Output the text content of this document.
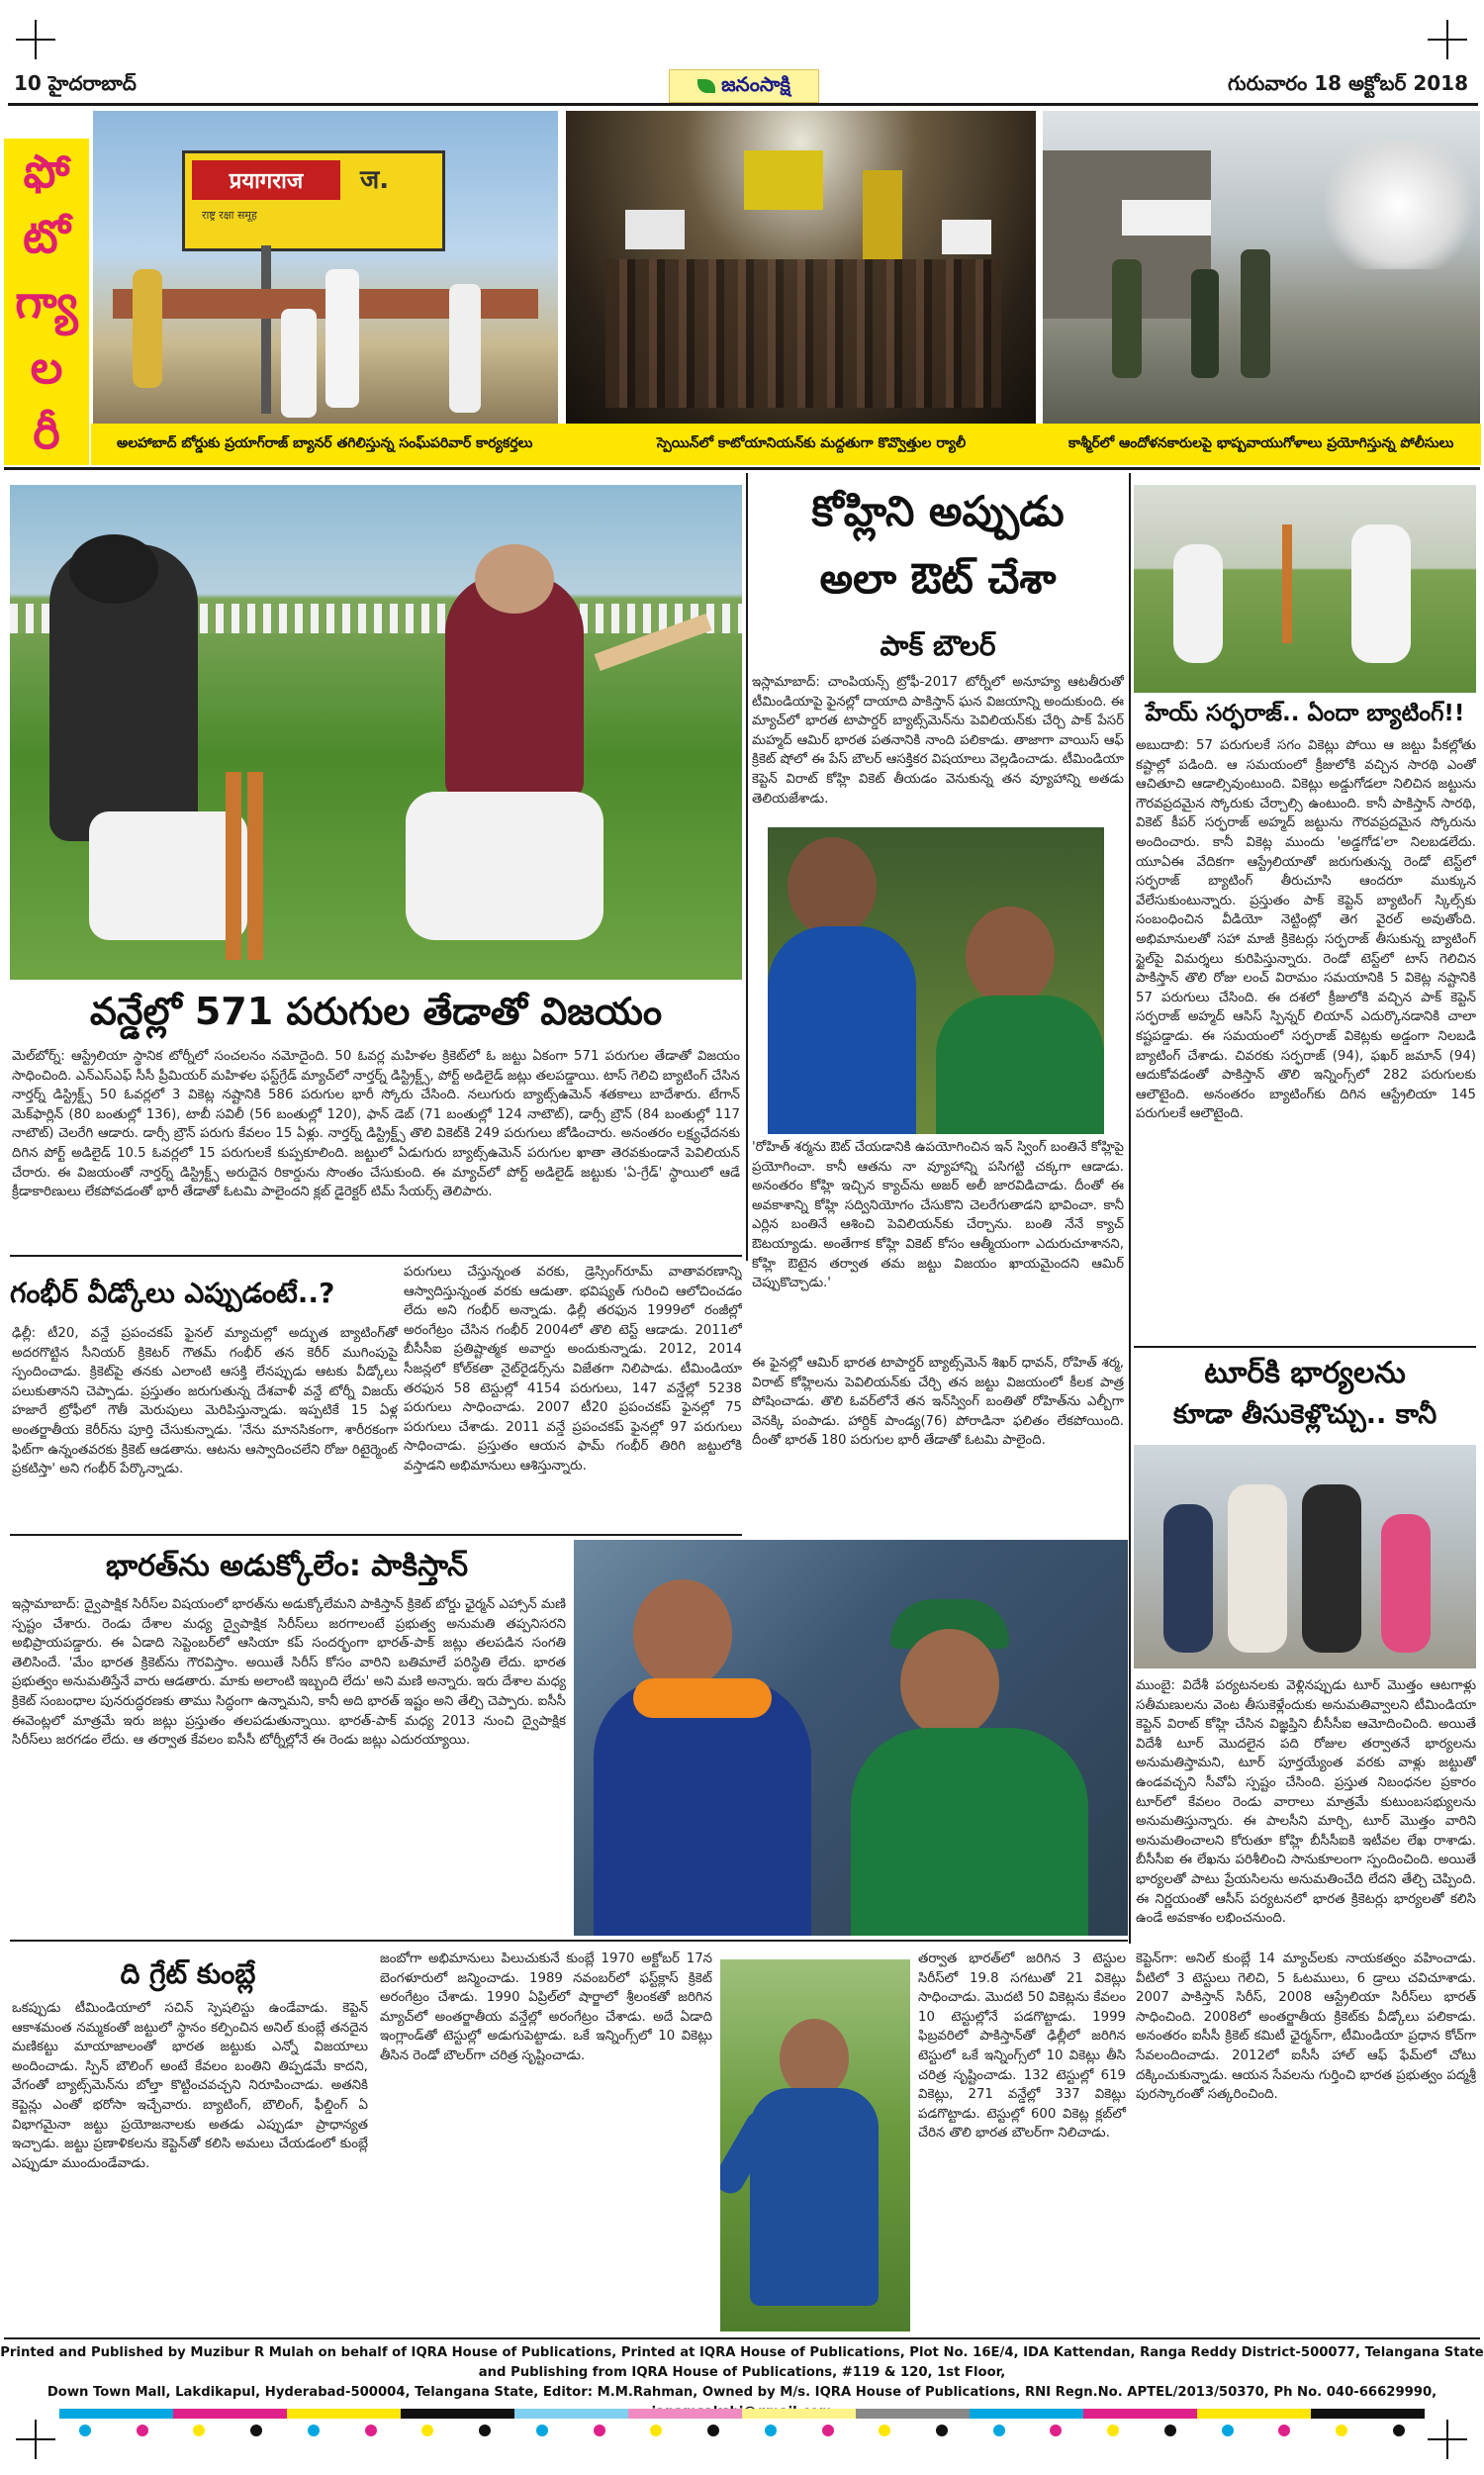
10 హైదరాబాద్	జనంసాక్షి	గురువారం 18 అక్టోబర్ 2018
ఫో
టో
గ్యా
ల
రీ
प्रयागराज	ज.
राष्ट्र रक्षा समूह
అలహాబాద్ బోర్డుకు ప్రయాగ్‌రాజ్ బ్యానర్ తగిలిస్తున్న సంఘ్‌పరివార్ కార్యకర్తలు	స్పెయిన్‌లో కాటోయానియన్‌కు మద్దతుగా కొవ్వొత్తుల ర్యాలీ	కాశ్మీర్‌లో ఆందోళనకారులపై భాష్పవాయుగోళాలు ప్రయోగిస్తున్న పోలీసులు
వన్డేల్లో 571 పరుగుల తేడాతో విజయం
మెల్‌బోర్న్: ఆస్ట్రేలియా స్థానిక టోర్నీలో సంచలనం నమోదైంది. 50 ఓవర్ల మహిళల క్రికెట్‌లో ఓ జట్టు ఏకంగా 571 పరుగుల తేడాతో విజయం సాధించింది. ఎన్‌ఎస్‌ఎఫ్ సీసీ ప్రీమియర్ మహిళల ఫస్ట్‌గ్రేడ్ మ్యాచ్‌లో నార్తర్న్ డిస్ట్రిక్ట్స్, పోర్ట్ అడిలైడ్ జట్లు తలపడ్డాయి. టాస్ గెలిచి బ్యాటింగ్ చేసిన నార్తర్న్ డిస్ట్రిక్ట్స్ 50 ఓవర్లలో 3 వికెట్ల నష్టానికి 586 పరుగుల భారీ స్కోరు చేసింది. నలుగురు బ్యాట్స్‌ఉమెన్ శతకాలు బాదేశారు. టేగాన్ మెక్‌ఫార్లిన్ (80 బంతుల్లో 136), టాబీ సవిలీ (56 బంతుల్లో 120), ఫాన్ డెబ్ (71 బంతుల్లో 124 నాటౌట్), డార్సీ బ్రౌన్ (84 బంతుల్లో 117 నాటౌట్) చెలరేగి ఆడారు. డార్సీ బ్రౌన్ పరుగు కేవలం 15 ఏళ్లు. నార్తర్న్ డిస్ట్రిక్ట్స్ తొలి వికెట్‌కి 249 పరుగులు జోడించారు. అనంతరం లక్ష్యఛేదనకు దిగిన పోర్ట్ అడిలైడ్ 10.5 ఓవర్లలో 15 పరుగులకే కుప్పకూలింది. జట్టులో ఏడుగురు బ్యాట్స్‌ఉమెన్ పరుగుల ఖాతా తెరవకుండానే పెవిలియన్ చేరారు. ఈ విజయంతో నార్తర్న్ డిస్ట్రిక్ట్స్ అరుదైన రికార్డును సొంతం చేసుకుంది. ఈ మ్యాచ్‌లో పోర్ట్ అడిలైడ్ జట్టుకు 'ఏ-గ్రేడ్' స్థాయిలో ఆడే క్రీడాకారిణులు లేకపోవడంతో భారీ తేడాతో ఓటమి పాలైందని క్లబ్ డైరెక్టర్ టిమ్ సేయర్స్ తెలిపారు.
గంభీర్ వీడ్కోలు ఎప్పుడంటే..?
ఢిల్లీ: టీ20, వన్డే ప్రపంచకప్ ఫైనల్ మ్యాచుల్లో అద్భుత బ్యాటింగ్‌తో అదరగొట్టిన సీనియర్ క్రికెటర్ గౌతమ్ గంభీర్ తన కెరీర్ ముగింపుపై స్పందించాడు. క్రికెట్‌పై తనకు ఎలాంటి ఆసక్తి లేనప్పుడు ఆటకు వీడ్కోలు పలుకుతానని చెప్పాడు. ప్రస్తుతం జరుగుతున్న దేశవాళీ వన్డే టోర్నీ విజయ్ హజారే ట్రోఫీలో గౌతీ మెరుపులు మెరిపిస్తున్నాడు. ఇప్పటికే 15 ఏళ్ల అంతర్జాతీయ కెరీర్‌ను పూర్తి చేసుకున్నాడు. 'నేను మానసికంగా, శారీరకంగా ఫిట్‌గా ఉన్నంతవరకు క్రికెట్ ఆడతాను. ఆటను ఆస్వాదించలేని రోజు రిటైర్మెంట్ ప్రకటిస్తా' అని గంభీర్ పేర్కొన్నాడు.
పరుగులు చేస్తున్నంత వరకు, డ్రెస్సింగ్‌రూమ్ వాతావరణాన్ని ఆస్వాదిస్తున్నంత వరకు ఆడుతా. భవిష్యత్ గురించి ఆలోచించడం లేదు అని గంభీర్ అన్నాడు. ఢిల్లీ తరఫున 1999లో రంజీల్లో అరంగేట్రం చేసిన గంభీర్ 2004లో తొలి టెస్ట్ ఆడాడు. 2011లో బీసీసీఐ ప్రతిష్టాత్మక అవార్డు అందుకున్నాడు. 2012, 2014 సీజన్లలో కోల్‌కతా నైట్‌రైడర్స్‌ను విజేతగా నిలిపాడు. టీమిండియా తరఫున 58 టెస్టుల్లో 4154 పరుగులు, 147 వన్డేల్లో 5238 పరుగులు సాధించాడు. 2007 టీ20 ప్రపంచకప్ ఫైనల్లో 75 పరుగులు చేశాడు. 2011 వన్డే ప్రపంచకప్ ఫైనల్లో 97 పరుగులు సాధించాడు. ప్రస్తుతం ఆయన ఫామ్ గంభీర్ తిరిగి జట్టులోకి వస్తాడని అభిమానులు ఆశిస్తున్నారు.
భారత్‌ను అడుక్కోలేం: పాకిస్తాన్
ఇస్లామాబాద్: ద్వైపాక్షిక సిరీస్‌ల విషయంలో భారత్‌ను అడుక్కోలేమని పాకిస్తాన్ క్రికెట్ బోర్డు ఛైర్మన్ ఎహ్సాన్ మణి స్పష్టం చేశారు. రెండు దేశాల మధ్య ద్వైపాక్షిక సిరీస్‌లు జరగాలంటే ప్రభుత్వ అనుమతి తప్పనిసరని అభిప్రాయపడ్డారు. ఈ ఏడాది సెప్టెంబర్‌లో ఆసియా కప్ సందర్భంగా భారత్‌-పాక్ జట్లు తలపడిన సంగతి తెలిసిందే. 'మేం భారత క్రికెట్‌ను గౌరవిస్తాం. అయితే సిరీస్ కోసం వారిని బతిమాలే పరిస్థితి లేదు. భారత ప్రభుత్వం అనుమతిస్తేనే వారు ఆడతారు. మాకు అలాంటి ఇబ్బంది లేదు' అని మణి అన్నారు. ఇరు దేశాల మధ్య క్రికెట్ సంబంధాల పునరుద్ధరణకు తాము సిద్ధంగా ఉన్నామని, కానీ అది భారత్ ఇష్టం అని తేల్చి చెప్పారు. ఐసీసీ ఈవెంట్లలో మాత్రమే ఇరు జట్లు ప్రస్తుతం తలపడుతున్నాయి. భారత్-పాక్ మధ్య 2013 నుంచి ద్వైపాక్షిక సిరీస్‌లు జరగడం లేదు. ఆ తర్వాత కేవలం ఐసీసీ టోర్నీల్లోనే ఈ రెండు జట్లు ఎదురయ్యాయి.
కోహ్లిని అప్పుడు
అలా ఔట్ చేశా
పాక్ బౌలర్
ఇస్లామాబాద్: చాంపియన్స్ ట్రోఫీ-2017 టోర్నీలో అనూహ్య ఆటతీరుతో టీమిండియాపై ఫైనల్లో దాయాది పాకిస్తాన్ ఘన విజయాన్ని అందుకుంది. ఈ మ్యాచ్‌లో భారత టాపార్డర్ బ్యాట్స్‌మెన్‌ను పెవిలియన్‌కు చేర్చి పాక్ పేసర్ మహ్మద్ ఆమిర్ భారత పతనానికి నాంది పలికాడు. తాజాగా వాయిస్ ఆఫ్ క్రికెట్ షోలో ఈ పేస్ బౌలర్ ఆసక్తికర విషయాలు వెల్లడించాడు. టీమిండియా కెప్టెన్ విరాట్ కోహ్లి వికెట్ తీయడం వెనుకున్న తన వ్యూహాన్ని అతడు తెలియజేశాడు.
'రోహిత్ శర్మను ఔట్ చేయడానికి ఉపయోగించిన ఇన్ స్వింగ్ బంతినే కోహ్లిపై ప్రయోగించా. కానీ ఆతను నా వ్యూహాన్ని పసిగట్టి చక్కగా ఆడాడు. అనంతరం కోహ్లి ఇచ్చిన క్యాచ్‌ను అజర్ అలీ జారవిడిచాడు. దీంతో ఈ అవకాశాన్ని కోహ్లి సద్వినియోగం చేసుకొని చెలరేగుతాడని భావించా. కానీ ఎర్లిన బంతినే ఆశించి పెవిలియన్‌కు చేర్చాను. బంతి నేనే క్యాచ్ ఔటయ్యాడు. అంతేగాక కోహ్లి వికెట్ కోసం ఆత్మీయంగా ఎదురుచూశానని, కోహ్లి ఔటైన తర్వాత తమ జట్టు విజయం ఖాయమైందని ఆమిర్ చెప్పుకొచ్చాడు.'
ఈ ఫైనల్లో ఆమిర్ భారత టాపార్డర్ బ్యాట్స్‌మెన్ శిఖర్ ధావన్, రోహిత్ శర్మ, విరాట్ కోహ్లిలను పెవిలియన్‌కు చేర్చి తన జట్టు విజయంలో కీలక పాత్ర పోషించాడు. తొలి ఓవర్‌లోనే తన ఇన్‌స్వింగ్ బంతితో రోహిత్‌ను ఎల్బీగా వెనక్కి పంపాడు. హార్దిక్ పాండ్య(76) పోరాడినా ఫలితం లేకపోయింది. దీంతో భారత్ 180 పరుగుల భారీ తేడాతో ఓటమి పాలైంది.
హేయ్ సర్ఫరాజ్.. ఏందా బ్యాటింగ్!!
అబుదాబి: 57 పరుగులకే సగం వికెట్లు పోయి ఆ జట్టు పీకల్లోతు కష్టాల్లో పడింది. ఆ సమయంలో క్రీజులోకి వచ్చిన సారథి ఎంతో ఆచితూచి ఆడాల్సివుంటుంది. వికెట్లు అడ్డుగోడలా నిలిచిన జట్టును గౌరవప్రదమైన స్కోరుకు చేర్చాల్సి ఉంటుంది. కానీ పాకిస్తాన్ సారథి, వికెట్ కీపర్ సర్ఫరాజ్ అహ్మద్ జట్టును గౌరవప్రదమైన స్కోరును అందించారు. కానీ వికెట్ల ముందు 'అడ్డగోడ'లా నిలబడలేదు. యూఏఈ వేదికగా ఆస్ట్రేలియాతో జరుగుతున్న రెండో టెస్ట్‌లో సర్ఫరాజ్ బ్యాటింగ్ తీరుచూసి ఆందరూ ముక్కున వేలేసుకుంటున్నారు. ప్రస్తుతం పాక్ కెప్టెన్ బ్యాటింగ్ స్కిల్స్‌కు సంబంధించిన వీడియో నెట్టింట్లో తెగ వైరల్ అవుతోంది. అభిమానులతో సహా మాజీ క్రికెటర్లు సర్ఫరాజ్ తీసుకున్న బ్యాటింగ్ స్టైల్‌పై విమర్శలు కురిపిస్తున్నారు. రెండో టెస్ట్‌లో టాస్ గెలిచిన పాకిస్తాన్ తొలి రోజు లంచ్ విరామం సమయానికి 5 వికెట్ల నష్టానికి 57 పరుగులు చేసింది. ఈ దశలో క్రీజులోకి వచ్చిన పాక్ కెప్టెన్ సర్ఫరాజ్ అహ్మద్ ఆసిస్ స్పిన్నర్ లియాన్ ఎదుర్కొనడానికి చాలా కష్టపడ్డాడు. ఈ సమయంలో సర్ఫరాజ్ వికెట్లకు అడ్డంగా నిలబడి బ్యాటింగ్ చేశాడు. చివరకు సర్ఫరాజ్ (94), ఫఖర్ జమాన్ (94) ఆదుకోవడంతో పాకిస్తాన్ తొలి ఇన్నింగ్స్‌లో 282 పరుగులకు ఆలౌటైంది. అనంతరం బ్యాటింగ్‌కు దిగిన ఆస్ట్రేలియా 145 పరుగులకే ఆలౌటైంది.
టూర్‌కి భార్యలను
కూడా తీసుకెళ్లొచ్చు.. కానీ
ముంబై: విదేశీ పర్యటనలకు వెళ్లినప్పుడు టూర్ మొత్తం ఆటగాళ్లు సతీమణులను వెంట తీసుకెళ్లేందుకు అనుమతివ్వాలని టీమిండియా కెప్టెన్ విరాట్ కోహ్లి చేసిన విజ్ఞప్తిని బీసీసీఐ ఆమోదించింది. అయితే విదేశీ టూర్ మొదలైన పది రోజుల తర్వాతనే భార్యలను అనుమతిస్తామని, టూర్ పూర్తయ్యేంత వరకు వాళ్లు జట్టుతో ఉండవచ్చని సీవోఏ స్పష్టం చేసింది. ప్రస్తుత నిబంధనల ప్రకారం టూర్‌లో కేవలం రెండు వారాలు మాత్రమే కుటుంబసభ్యులను అనుమతిస్తున్నారు. ఈ పాలసీని మార్చి, టూర్ మొత్తం వారిని అనుమతించాలని కోరుతూ కోహ్లి బీసీసీఐకి ఇటీవల లేఖ రాశాడు. బీసీసీఐ ఈ లేఖను పరిశీలించి సానుకూలంగా స్పందించింది. అయితే భార్యలతో పాటు ప్రేయసిలను అనుమతించేది లేదని తేల్చి చెప్పింది. ఈ నిర్ణయంతో ఆసీస్ పర్యటనలో భారత క్రికెటర్లు భార్యలతో కలిసి ఉండే అవకాశం లభించనుంది.
ది గ్రేట్ కుంబ్లే
ఒకప్పుడు టీమిండియాలో సచిన్ స్పెషలిస్టు ఉండేవాడు. కెప్టెన్ ఆకాశమంత నమ్మకంతో జట్టులో స్థానం కల్పించిన అనిల్ కుంబ్లే తనదైన మణికట్టు మాయాజాలంతో భారత జట్టుకు ఎన్నో విజయాలు అందించాడు. స్పిన్ బౌలింగ్ అంటే కేవలం బంతిని తిప్పడమే కాదని, వేగంతో బ్యాట్స్‌మెన్‌ను బోల్తా కొట్టించవచ్చని నిరూపించాడు. అతనికి కెప్టెన్లు ఎంతో భరోసా ఇచ్చేవారు. బ్యాటింగ్, బౌలింగ్, ఫీల్డింగ్ ఏ విభాగమైనా జట్టు ప్రయోజనాలకు అతడు ఎప్పుడూ ప్రాధాన్యత ఇచ్చాడు. జట్టు ప్రణాళికలను కెప్టెన్‌తో కలిసి అమలు చేయడంలో కుంబ్లే ఎప్పుడూ ముందుండేవాడు.
జంబోగా అభిమానులు పిలుచుకునే కుంబ్లే 1970 అక్టోబర్ 17న బెంగళూరులో జన్మించాడు. 1989 నవంబర్‌లో ఫస్ట్‌క్లాస్ క్రికెట్ అరంగేట్రం చేశాడు. 1990 ఏప్రిల్‌లో షార్జాలో శ్రీలంకతో జరిగిన మ్యాచ్‌లో అంతర్జాతీయ వన్డేల్లో అరంగేట్రం చేశాడు. అదే ఏడాది ఇంగ్లాండ్‌తో టెస్టుల్లో అడుగుపెట్టాడు. ఒకే ఇన్నింగ్స్‌లో 10 వికెట్లు తీసిన రెండో బౌలర్‌గా చరిత్ర సృష్టించాడు.
తర్వాత భారత్‌లో జరిగిన 3 టెస్టుల సిరీస్‌లో 19.8 సగటుతో 21 వికెట్లు సాధించాడు. మొదటి 50 వికెట్లను కేవలం 10 టెస్టుల్లోనే పడగొట్టాడు. 1999 ఫిబ్రవరిలో పాకిస్తాన్‌తో ఢిల్లీలో జరిగిన టెస్టులో ఒకే ఇన్నింగ్స్‌లో 10 వికెట్లు తీసి చరిత్ర సృష్టించాడు. 132 టెస్టుల్లో 619 వికెట్లు, 271 వన్డేల్లో 337 వికెట్లు పడగొట్టాడు. టెస్టుల్లో 600 వికెట్ల క్లబ్‌లో చేరిన తొలి భారత బౌలర్‌గా నిలిచాడు.
కెప్టెన్‌గా: అనిల్ కుంబ్లే 14 మ్యాచ్‌లకు నాయకత్వం వహించాడు. వీటిలో 3 టెస్టులు గెలిచి, 5 ఓటములు, 6 డ్రాలు చవిచూశాడు. 2007 పాకిస్తాన్ సిరీస్, 2008 ఆస్ట్రేలియా సిరీస్‌లు భారత్ సాధించింది. 2008లో అంతర్జాతీయ క్రికెట్‌కు వీడ్కోలు పలికాడు. అనంతరం ఐసీసీ క్రికెట్ కమిటీ ఛైర్మన్‌గా, టీమిండియా ప్రధాన కోచ్‌గా సేవలందించాడు. 2012లో ఐసీసీ హాల్ ఆఫ్ ఫేమ్‌లో చోటు దక్కించుకున్నాడు. ఆయన సేవలను గుర్తించి భారత ప్రభుత్వం పద్మశ్రీ పురస్కారంతో సత్కరించింది.
Printed and Published by Muzibur R Mulah on behalf of IQRA House of Publications, Printed at IQRA House of Publications, Plot No. 16E/4, IDA Kattendan, Ranga Reddy District-500077, Telangana State and Publishing from IQRA House of Publications, #119 & 120, 1st Floor,
Down Town Mall, Lakdikapul, Hyderabad-500004, Telangana State, Editor: M.M.Rahman, Owned by M/s. IQRA House of Publications, RNI Regn.No. APTEL/2013/50370, Ph No. 040-66629990,
